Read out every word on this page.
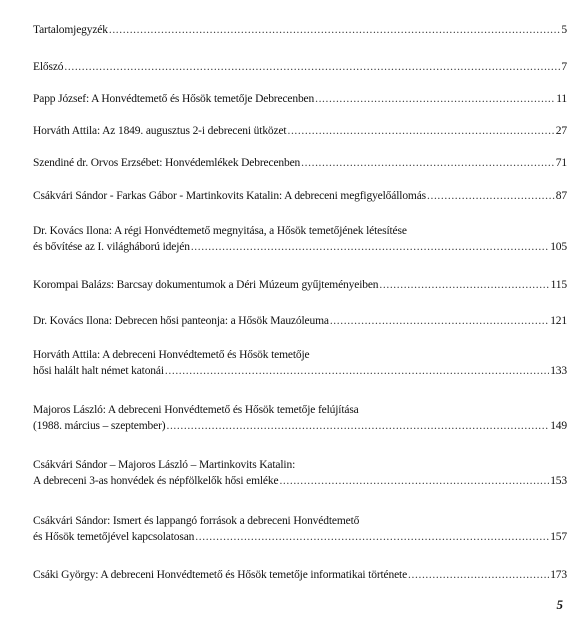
Tartalomjegyzék .....	5
Előszó .....	7
Papp József: A Honvédtemető és Hősök temetője Debrecenben .....	11
Horváth Attila: Az 1849. augusztus 2-i debreceni ütközet .....	27
Szendiné dr. Orvos Erzsébet: Honvédemlékek Debrecenben .....	71
Csákvári Sándor - Farkas Gábor - Martinkovits Katalin: A debreceni megfigyelőállomás .....	87
Dr. Kovács Ilona: A régi Honvédtemető megnyitása, a Hősök temetőjének létesítése
és bővítése az I. világháború idején .....	105
Korompai Balázs: Barcsay dokumentumok a Déri Múzeum gyűjteményeiben .....	115
Dr. Kovács Ilona: Debrecen hősi panteonja: a Hősök Mauzóleuma .....	121
Horváth Attila: A debreceni Honvédtemető és Hősök temetője
hősi halált halt német katonái .....	133
Majoros László: A debreceni Honvédtemető és Hősök temetője felújítása
(1988. március – szeptember) .....	149
Csákvári Sándor – Majoros László – Martinkovits Katalin:
A debreceni 3-as honvédek és népfölkelők hősi emléke .....	153
Csákvári Sándor: Ismert és lappangó források a debreceni Honvédtemető
és Hősök temetőjével kapcsolatosan .....	157
Csáki György: A debreceni Honvédtemető és Hősök temetője informatikai története .....	173
5
